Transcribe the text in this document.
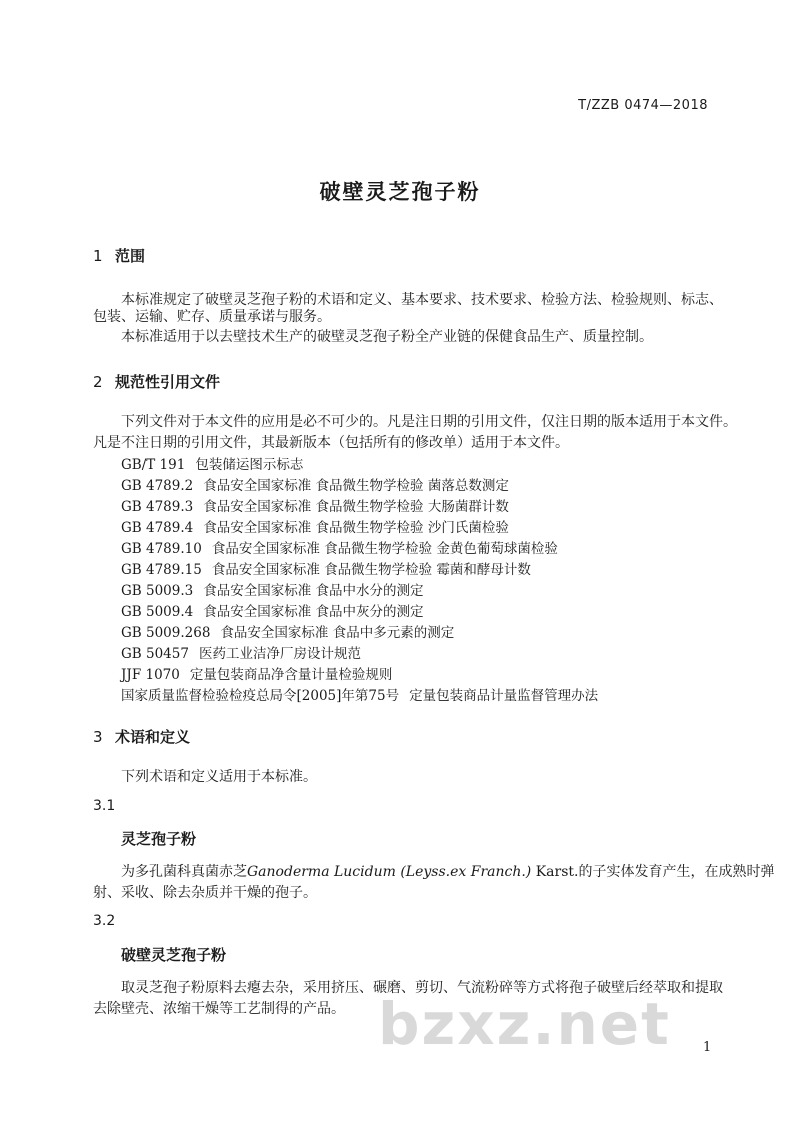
T/ZZB 0474—2018
破壁灵芝孢子粉
1 范围
本标准规定了破壁灵芝孢子粉的术语和定义、基本要求、技术要求、检验方法、检验规则、标志、
包装、运输、贮存、质量承诺与服务。
本标准适用于以去壁技术生产的破壁灵芝孢子粉全产业链的保健食品生产、质量控制。
2 规范性引用文件
下列文件对于本文件的应用是必不可少的。凡是注日期的引用文件，仅注日期的版本适用于本文件。
凡是不注日期的引用文件，其最新版本（包括所有的修改单）适用于本文件。
GB/T 191 包装储运图示标志
GB 4789.2 食品安全国家标准 食品微生物学检验 菌落总数测定
GB 4789.3 食品安全国家标准 食品微生物学检验 大肠菌群计数
GB 4789.4 食品安全国家标准 食品微生物学检验 沙门氏菌检验
GB 4789.10 食品安全国家标准 食品微生物学检验 金黄色葡萄球菌检验
GB 4789.15 食品安全国家标准 食品微生物学检验 霉菌和酵母计数
GB 5009.3 食品安全国家标准 食品中水分的测定
GB 5009.4 食品安全国家标准 食品中灰分的测定
GB 5009.268 食品安全国家标准 食品中多元素的测定
GB 50457 医药工业洁净厂房设计规范
JJF 1070 定量包装商品净含量计量检验规则
国家质量监督检验检疫总局令[2005]年第75号 定量包装商品计量监督管理办法
3 术语和定义
下列术语和定义适用于本标准。
3.1
灵芝孢子粉
为多孔菌科真菌赤芝Ganoderma Lucidum (Leyss.ex Franch.) Karst.的子实体发育产生，在成熟时弹
射、采收、除去杂质并干燥的孢子。
3.2
破壁灵芝孢子粉
取灵芝孢子粉原料去瘪去杂，采用挤压、碾磨、剪切、气流粉碎等方式将孢子破壁后经萃取和提取
去除壁壳、浓缩干燥等工艺制得的产品。 bzxz.net 1
